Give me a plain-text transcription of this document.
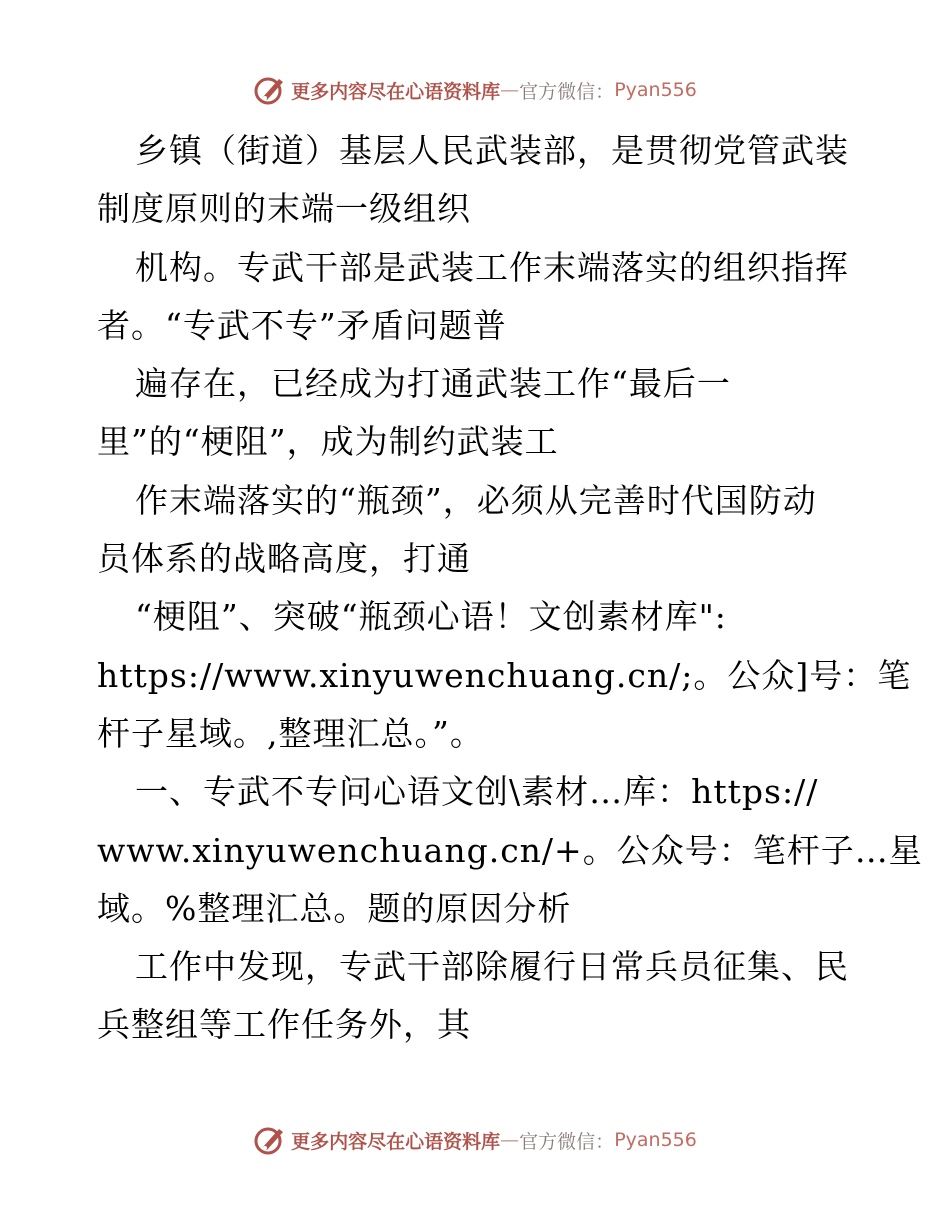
更多内容尽在心语资料库 — 官方微信： Pyan556
乡镇（街道）基层人民武装部，是贯彻党管武装
制度原则的末端一级组织
机构。专武干部是武装工作末端落实的组织指挥
者。“专武不专”矛盾问题普
遍存在，已经成为打通武装工作“最后一
里”的“梗阻”，成为制约武装工
作末端落实的“瓶颈”，必须从完善时代国防动
员体系的战略高度，打通
“梗阻”、突破“瓶颈心语！文创素材库":
https://www.xinyuwenchuang.cn/;。公众]号：笔
杆子星域。,整理汇总。”。
一、专武不专问心语文创\素材…库：https://
www.xinyuwenchuang.cn/+。公众号：笔杆子…星
域。%整理汇总。题的原因分析
工作中发现，专武干部除履行日常兵员征集、民
兵整组等工作任务外，其
更多内容尽在心语资料库 — 官方微信： Pyan556
